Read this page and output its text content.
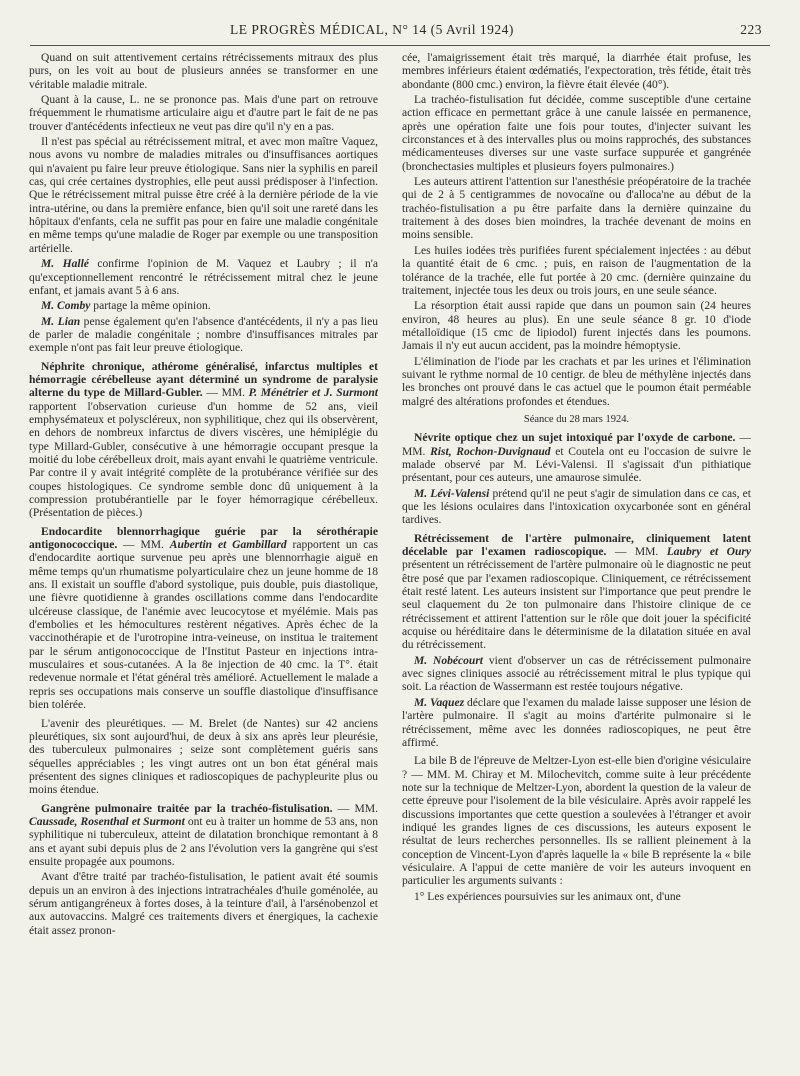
LE PROGRÈS MÉDICAL, N° 14 (5 Avril 1924)	223

Quand on suit attentivement certains rétrécissements mitraux des plus purs, on les voit au bout de plusieurs années se transformer en une véritable maladie mitrale.

Quant à la cause, L. ne se prononce pas. Mais d'une part on retrouve fréquemment le rhumatisme articulaire aigu et d'autre part le fait de ne pas trouver d'antécédents infectieux ne veut pas dire qu'il n'y en a pas.

Il n'est pas spécial au rétrécissement mitral, et avec mon maître Vaquez, nous avons vu nombre de maladies mitrales ou d'insuffisances aortiques qui n'avaient pu faire leur preuve étiologique. Sans nier la syphilis en pareil cas, qui crée certaines dystrophies, elle peut aussi prédisposer à l'infection. Que le rétrécissement mitral puisse être créé à la dernière période de la vie intra-utérine, ou dans la première enfance, bien qu'il soit une rareté dans les hôpitaux d'enfants, cela ne suffit pas pour en faire une maladie congénitale en même temps qu'une maladie de Roger par exemple ou une transposition artérielle.

M. Hallé confirme l'opinion de M. Vaquez et Laubry ; il n'a qu'exceptionnellement rencontré le rétrécissement mitral chez le jeune enfant, et jamais avant 5 à 6 ans.

M. Comby partage la même opinion.

M. Lian pense également qu'en l'absence d'antécédents, il n'y a pas lieu de parler de maladie congénitale ; nombre d'insuffisances mitrales par exemple n'ont pas fait leur preuve étiologique.

Néphrite chronique, athérome généralisé, infarctus multiples et hémorragie cérébelleuse ayant déterminé un syndrome de paralysie alterne du type de Millard-Gubler. — MM. P. Ménétrier et J. Surmont rapportent l'observation curieuse d'un homme de 52 ans, vieil emphysémateux et polyscléreux, non syphilitique, chez qui ils observèrent, en dehors de nombreux infarctus de divers viscères, une hémiplégie du type Millard-Gubler, consécutive à une hémorragie occupant presque la moitié du lobe cérébelleux droit, mais ayant envahi le quatrième ventricule. Par contre il y avait intégrité complète de la protubérance vérifiée sur des coupes histologiques. Ce syndrome semble donc dû uniquement à la compression protubérantielle par le foyer hémorragique cérébelleux. (Présentation de pièces.)

Endocardite blennorrhagique guérie par la sérothérapie antigonococcique. — MM. Aubertin et Gambillard rapportent un cas d'endocardite aortique survenue peu après une blennorrhagie aiguë en même temps qu'un rhumatisme polyarticulaire chez un jeune homme de 18 ans. Il existait un souffle d'abord systolique, puis double, puis diastolique, une fièvre quotidienne à grandes oscillations comme dans l'endocardite ulcéreuse classique, de l'anémie avec leucocytose et myélémie. Mais pas d'embolies et les hémocultures restèrent négatives. Après échec de la vaccinothérapie et de l'urotropine intra-veineuse, on institua le traitement par le sérum antigonococcique de l'Institut Pasteur en injections intra-musculaires et sous-cutanées. A la 8e injection de 40 cmc. la T°. était redevenue normale et l'état général très amélioré. Actuellement le malade a repris ses occupations mais conserve un souffle diastolique d'insuffisance bien tolérée.

L'avenir des pleurétiques. — M. Brelet (de Nantes) sur 42 anciens pleurétiques, six sont aujourd'hui, de deux à six ans après leur pleurésie, des tuberculeux pulmonaires ; seize sont complètement guéris sans séquelles appréciables ; les vingt autres ont un bon état général mais présentent des signes cliniques et radioscopiques de pachypleurite plus ou moins étendue.

Gangrène pulmonaire traitée par la trachéo-fistulisation. — MM. Caussade, Rosenthal et Surmont ont eu à traiter un homme de 53 ans, non syphilitique ni tuberculeux, atteint de dilatation bronchique remontant à 8 ans et ayant subi depuis plus de 2 ans l'évolution vers la gangrène qui s'est ensuite propagée aux poumons.

Avant d'être traité par trachéo-fistulisation, le patient avait été soumis depuis un an environ à des injections intratrachéales d'huile goménolée, au sérum antigangréneux à fortes doses, à la teinture d'ail, à l'arsénobenzol et aux autovaccins. Malgré ces traitements divers et énergiques, la cachexie était assez pronon-

cée, l'amaigrissement était très marqué, la diarrhée était profuse, les membres inférieurs étaient œdématiés, l'expectoration, très fétide, était très abondante (800 cmc.) environ, la fièvre était élevée (40°).

La trachéo-fistulisation fut décidée, comme susceptible d'une certaine action efficace en permettant grâce à une canule laissée en permanence, après une opération faite une fois pour toutes, d'injecter suivant les circonstances et à des intervalles plus ou moins rapprochés, des substances médicamenteuses diverses sur une vaste surface suppurée et gangrénée (bronchectasies multiples et plusieurs foyers pulmonaires.)

Les auteurs attirent l'attention sur l'anesthésie préopératoire de la trachée qui de 2 à 5 centigrammes de novocaïne ou d'alloca'ne au début de la trachéo-fistulisation a pu être parfaite dans la dernière quinzaine du traitement à des doses bien moindres, la trachée devenant de moins en moins sensible.

Les huiles iodées très purifiées furent spécialement injectées : au début la quantité était de 6 cmc. ; puis, en raison de l'augmentation de la tolérance de la trachée, elle fut portée à 20 cmc. (dernière quinzaine du traitement, injectée tous les deux ou trois jours, en une seule séance.

La résorption était aussi rapide que dans un poumon sain (24 heures environ, 48 heures au plus). En une seule séance 8 gr. 10 d'iode métalloïdique (15 cmc de lipiodol) furent injectés dans les poumons. Jamais il n'y eut aucun accident, pas la moindre hémoptysie.

L'élimination de l'iode par les crachats et par les urines et l'élimination suivant le rythme normal de 10 centigr. de bleu de méthylène injectés dans les bronches ont prouvé dans le cas actuel que le poumon était perméable malgré des altérations profondes et étendues.

Séance du 28 mars 1924.

Névrite optique chez un sujet intoxiqué par l'oxyde de carbone. — MM. Rist, Rochon-Duvignaud et Coutela ont eu l'occasion de suivre le malade observé par M. Lévi-Valensi. Il s'agissait d'un pithiatique présentant, pour ces auteurs, une amaurose simulée.

M. Lévi-Valensi prétend qu'il ne peut s'agir de simulation dans ce cas, et que les lésions oculaires dans l'intoxication oxycarbonée sont en général tardives.

Rétrécissement de l'artère pulmonaire, cliniquement latent décelable par l'examen radioscopique. — MM. Laubry et Oury présentent un rétrécissement de l'artère pulmonaire où le diagnostic ne peut être posé que par l'examen radioscopique. Cliniquement, ce rétrécissement était resté latent. Les auteurs insistent sur l'importance que peut prendre le seul claquement du 2e ton pulmonaire dans l'histoire clinique de ce rétrécissement et attirent l'attention sur le rôle que doit jouer la spécificité acquise ou héréditaire dans le déterminisme de la dilatation située en aval du rétrécissement.

M. Nobécourt vient d'observer un cas de rétrécissement pulmonaire avec signes cliniques associé au rétrécissement mitral le plus typique qui soit. La réaction de Wassermann est restée toujours négative.

M. Vaquez déclare que l'examen du malade laisse supposer une lésion de l'artère pulmonaire. Il s'agit au moins d'artérite pulmonaire si le rétrécissement, même avec les données radioscopiques, ne peut être affirmé.

La bile B de l'épreuve de Meltzer-Lyon est-elle bien d'origine vésiculaire ? — MM. M. Chiray et M. Milochevitch, comme suite à leur précédente note sur la technique de Meltzer-Lyon, abordent la question de la valeur de cette épreuve pour l'isolement de la bile vésiculaire. Après avoir rappelé les discussions importantes que cette question a soulevées à l'étranger et avoir indiqué les grandes lignes de ces discussions, les auteurs exposent le résultat de leurs recherches personnelles. Ils se rallient pleinement à la conception de Vincent-Lyon d'après laquelle la « bile B représente la « bile vésiculaire. A l'appui de cette manière de voir les auteurs invoquent en particulier les arguments suivants :

1° Les expériences poursuivies sur les animaux ont, d'une
